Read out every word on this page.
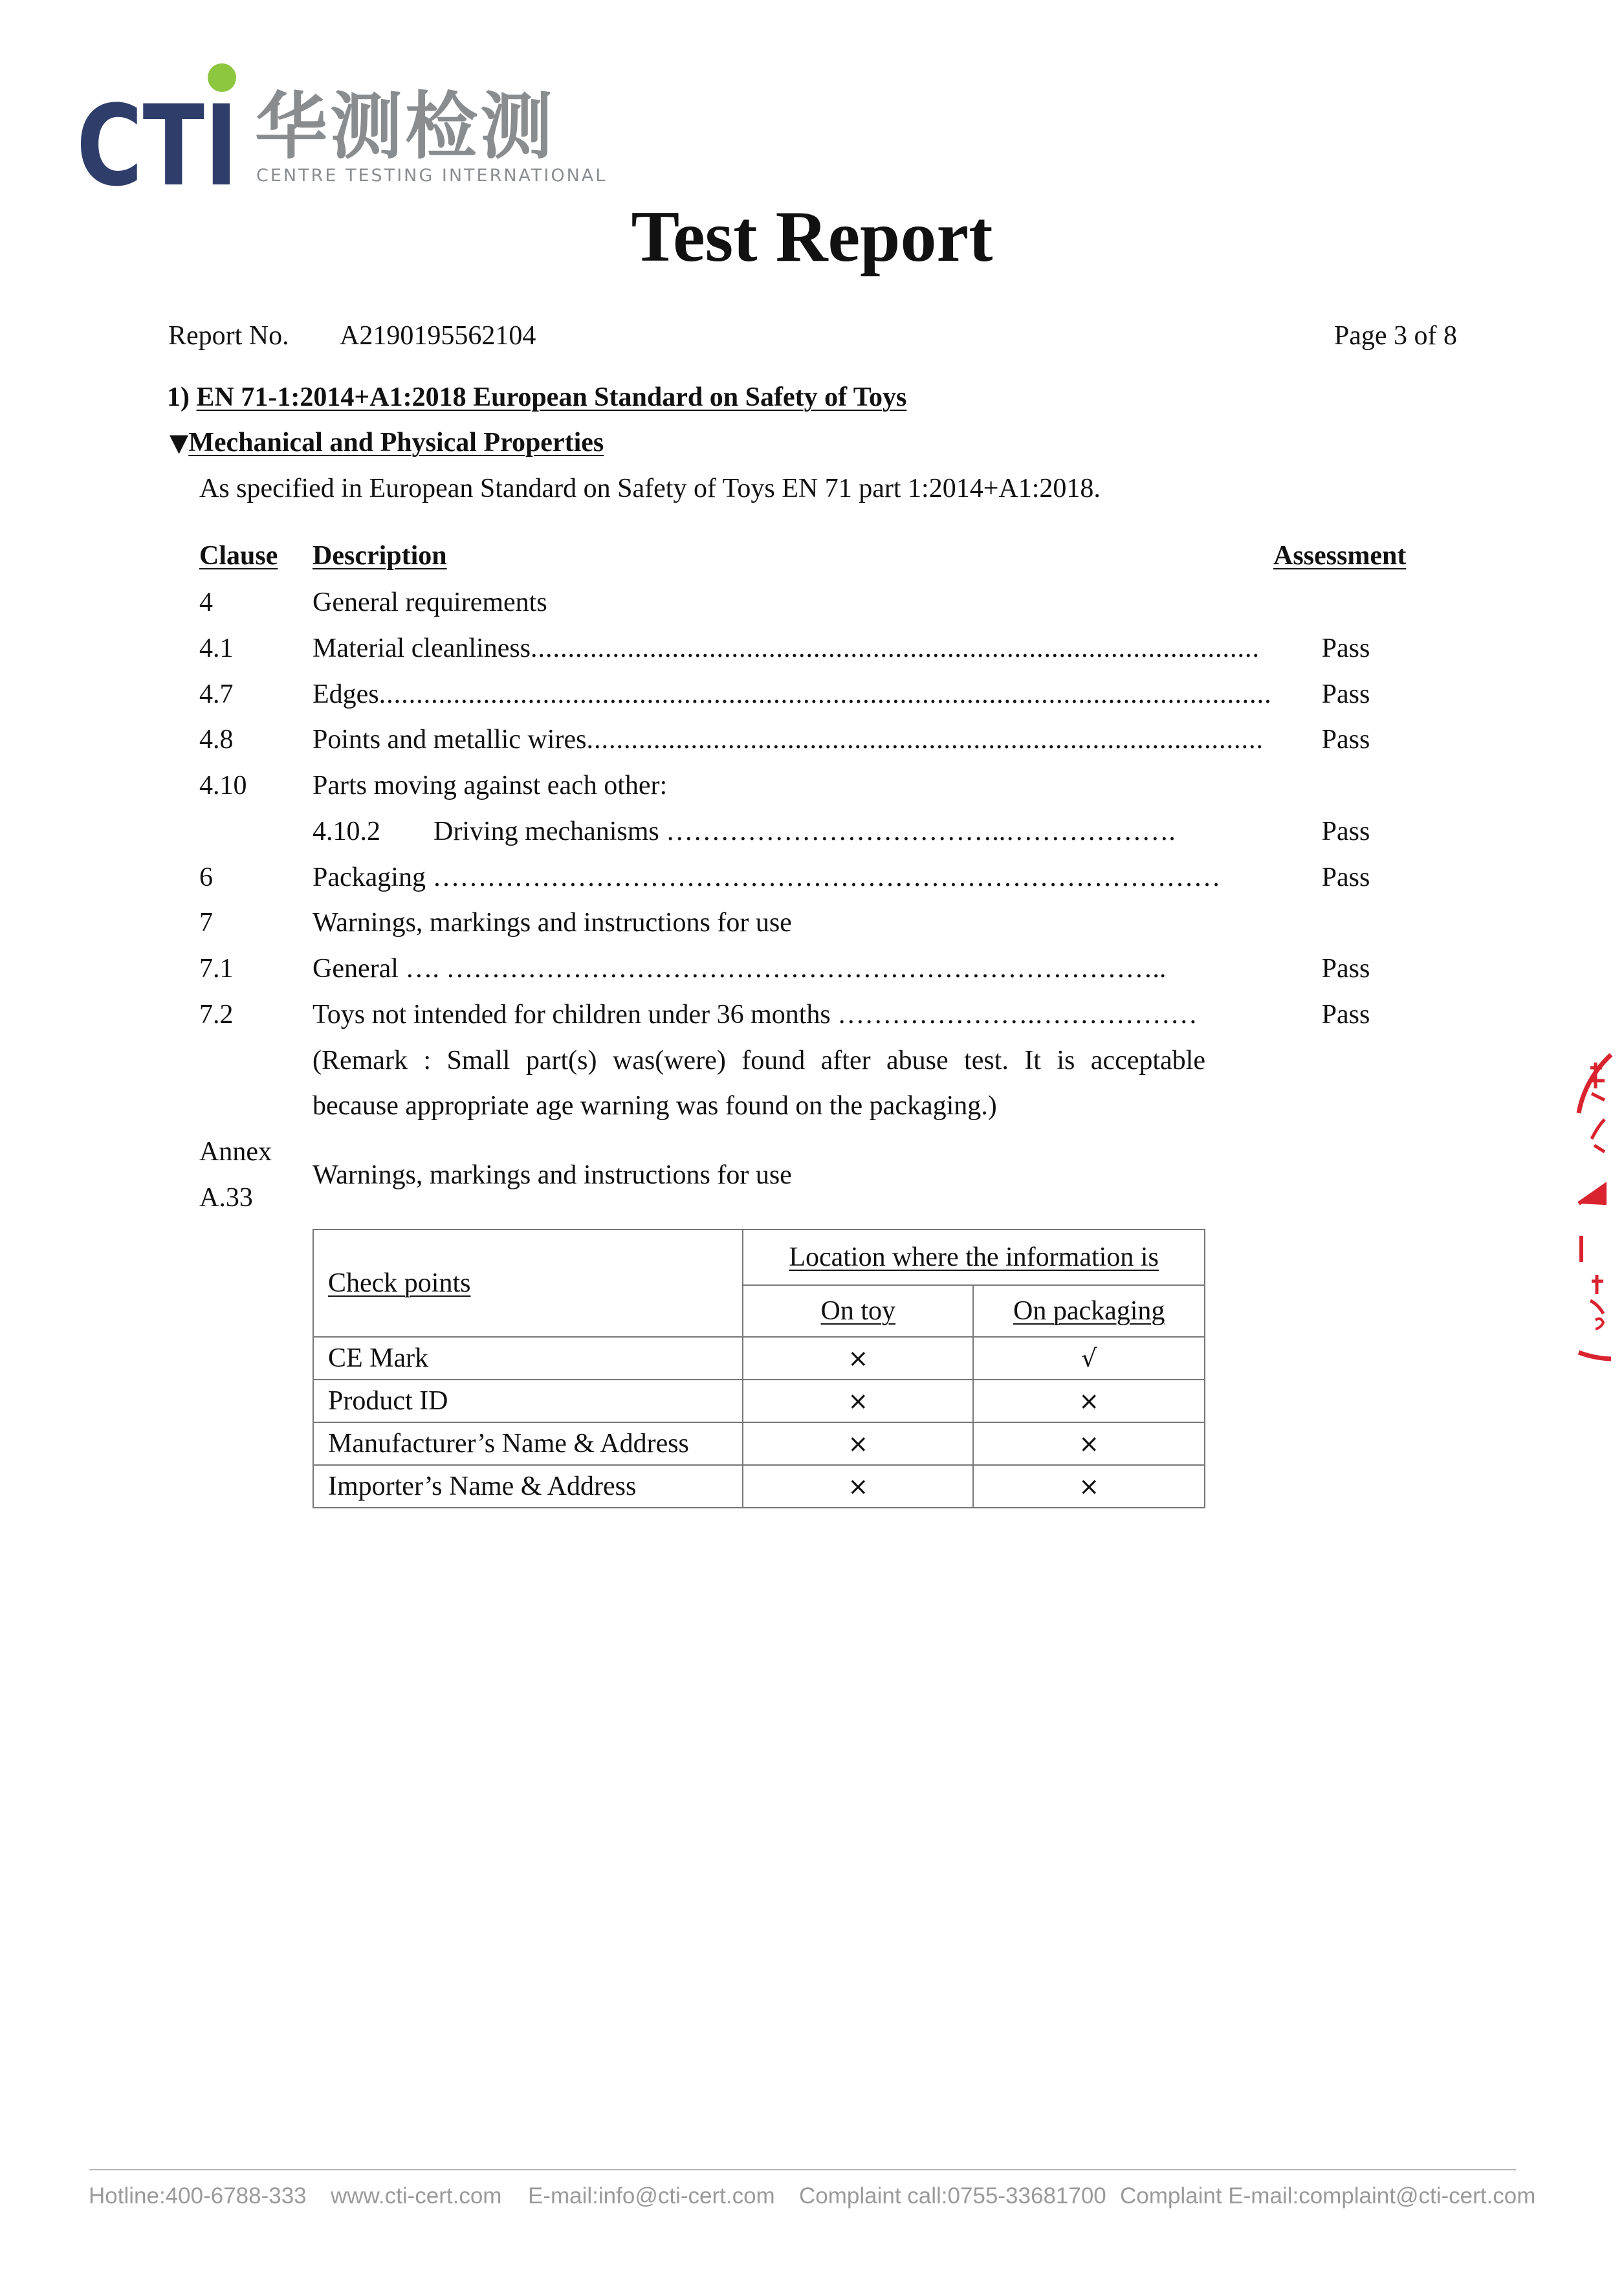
CTI 华测检测
CENTRE TESTING INTERNATIONAL
Test Report
Report No. A2190195562104	Page 3 of 8
1) EN 71-1:2014+A1:2018 European Standard on Safety of Toys
▼Mechanical and Physical Properties
As specified in European Standard on Safety of Toys EN 71 part 1:2014+A1:2018.
Clause Description	Assessment
4	General requirements
4.1	Material cleanliness..................................................................................................	Pass
4.7	Edges........................................................................................................................	Pass
4.8	Points and metallic wires...........................................................................................	Pass
4.10 Parts moving against each other:
4.10.2 Driving mechanisms ………………………………..……………….	Pass
6	Packaging ……………………………………………………………………………	Pass
7	Warnings, markings and instructions for use
7.1	General …. ……………………………………………………………………..	Pass
7.2	Toys not intended for children under 36 months ………………….………………	Pass
(Remark : Small part(s) was(were) found after abuse test. It is acceptable
because appropriate age warning was found on the packaging.)
Annex
A.33
Warnings, markings and instructions for use
Check points	Location where the information is	
	On toy	On packaging
CE Mark	×	√
Product ID	×	×
Manufacturer’s Name & Address	×	×
Importer’s Name & Address	×	×
Hotline:400-6788-333 www.cti-cert.com E-mail:info@cti-cert.com Complaint call:0755-33681700 Complaint E-mail:complaint@cti-cert.com
